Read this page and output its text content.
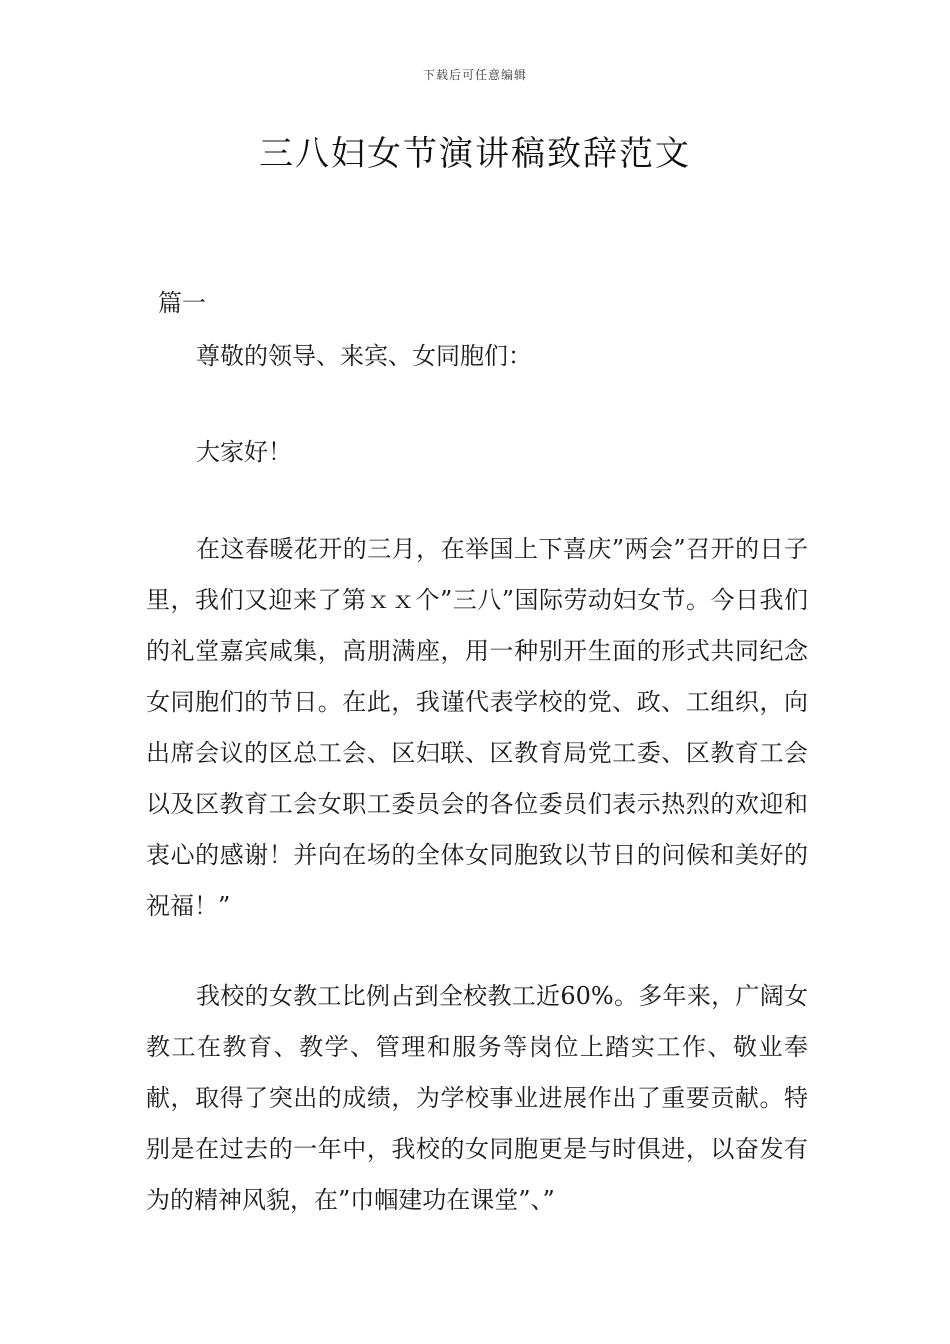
下载后可任意编辑
三八妇女节演讲稿致辞范文

篇一

尊敬的领导、来宾、女同胞们：

大家好！

在这春暖花开的三月，在举国上下喜庆”两会”召开的日子里，我们又迎来了第ｘｘ个”三八”国际劳动妇女节。今日我们的礼堂嘉宾咸集，高朋满座，用一种别开生面的形式共同纪念女同胞们的节日。在此，我谨代表学校的党、政、工组织，向出席会议的区总工会、区妇联、区教育局党工委、区教育工会以及区教育工会女职工委员会的各位委员们表示热烈的欢迎和衷心的感谢！并向在场的全体女同胞致以节日的问候和美好的祝福！”

我校的女教工比例占到全校教工近60%。多年来，广阔女教工在教育、教学、管理和服务等岗位上踏实工作、敬业奉献，取得了突出的成绩，为学校事业进展作出了重要贡献。特别是在过去的一年中，我校的女同胞更是与时俱进，以奋发有为的精神风貌，在”巾帼建功在课堂”、”
